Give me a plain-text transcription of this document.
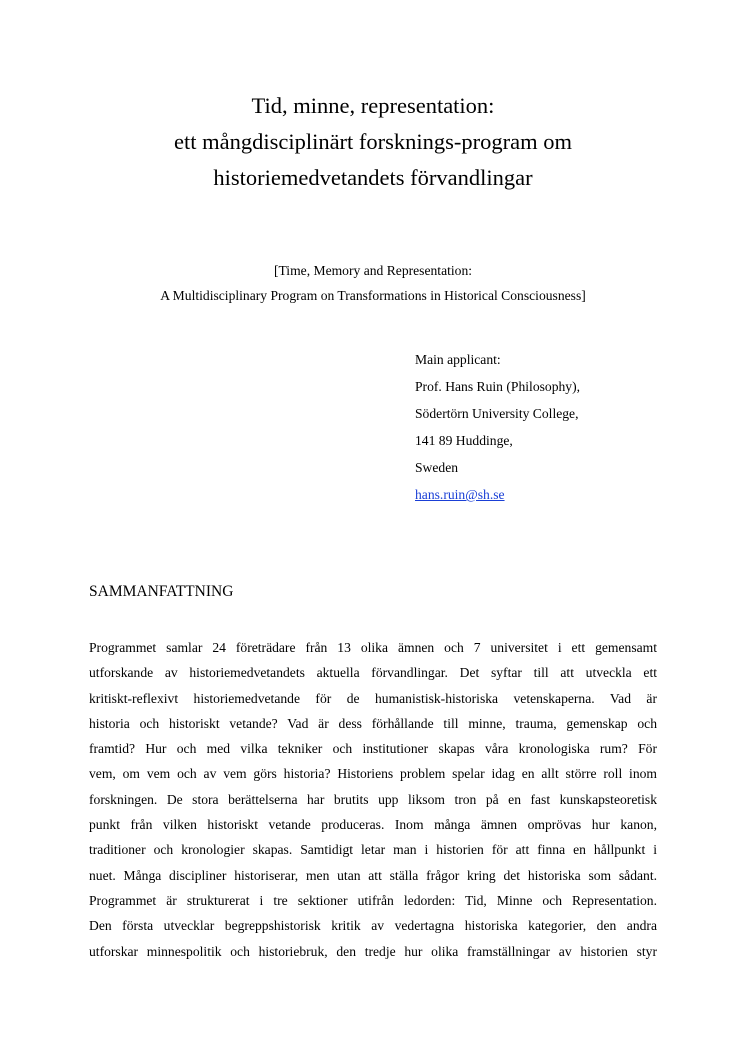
Tid, minne, representation:
ett mångdisciplinärt forsknings-program om
historiemedvetandets förvandlingar
[Time, Memory and Representation:
A Multidisciplinary Program on Transformations in Historical Consciousness]
Main applicant:
Prof. Hans Ruin (Philosophy),
Södertörn University College,
141 89 Huddinge,
Sweden
hans.ruin@sh.se
SAMMANFATTNING
Programmet samlar 24 företrädare från 13 olika ämnen och 7 universitet i ett gemensamt
utforskande av historiemedvetandets aktuella förvandlingar. Det syftar till att utveckla ett
kritiskt-reflexivt historiemedvetande för de humanistisk-historiska vetenskaperna. Vad är
historia och historiskt vetande? Vad är dess förhållande till minne, trauma, gemenskap och
framtid? Hur och med vilka tekniker och institutioner skapas våra kronologiska rum? För
vem, om vem och av vem görs historia? Historiens problem spelar idag en allt större roll inom
forskningen. De stora berättelserna har brutits upp liksom tron på en fast kunskapsteoretisk
punkt från vilken historiskt vetande produceras. Inom många ämnen omprövas hur kanon,
traditioner och kronologier skapas. Samtidigt letar man i historien för att finna en hållpunkt i
nuet. Många discipliner historiserar, men utan att ställa frågor kring det historiska som sådant.
Programmet är strukturerat i tre sektioner utifrån ledorden: Tid, Minne och Representation.
Den första utvecklar begreppshistorisk kritik av vedertagna historiska kategorier, den andra
utforskar minnespolitik och historiebruk, den tredje hur olika framställningar av historien styr
